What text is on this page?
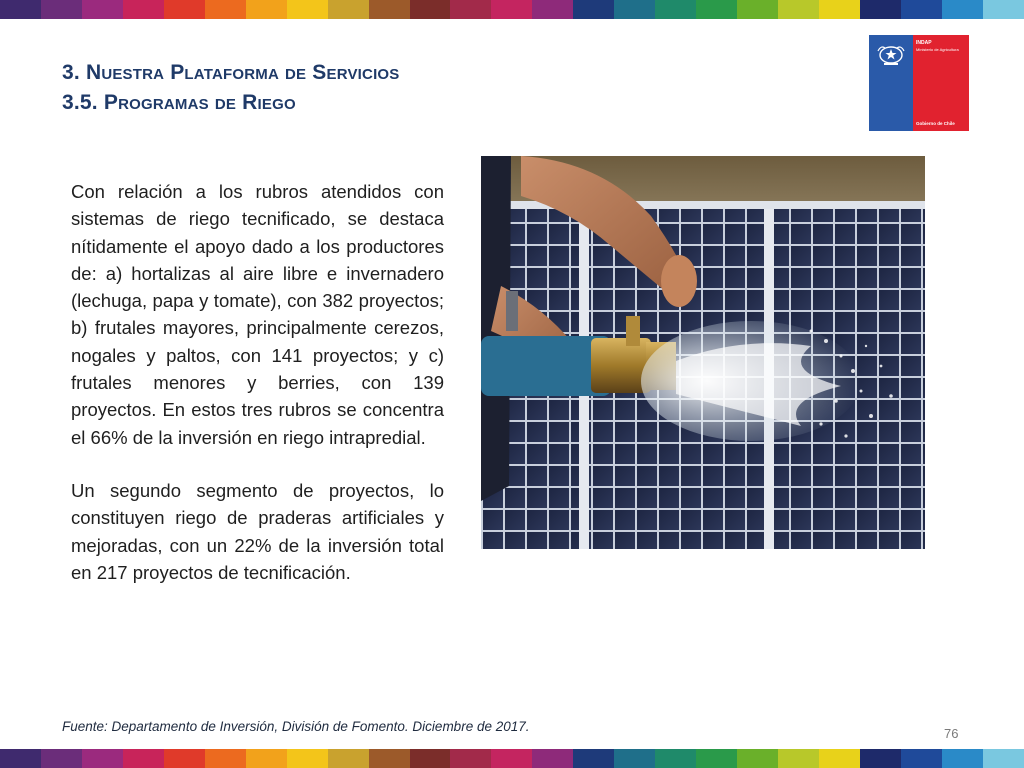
3. Nuestra Plataforma de Servicios
3.5. Programas de Riego
INDAP
Ministerio de Agricultura
Gobierno de Chile

Con relación a los rubros atendidos con sistemas de riego tecnificado, se destaca nítidamente el apoyo dado a los productores de: a) hortalizas al aire libre e invernadero (lechuga, papa y tomate), con 382 proyectos; b) frutales mayores, principalmente cerezos, nogales y paltos, con 141 proyectos; y c) frutales menores y berries, con 139 proyectos. En estos tres rubros se concentra el 66% de la inversión en riego intrapredial.

Un segundo segmento de proyectos, lo constituyen riego de praderas artificiales y mejoradas, con un 22% de la inversión total en 217 proyectos de tecnificación.

Fuente: Departamento de Inversión, División de Fomento. Diciembre de 2017.	76
